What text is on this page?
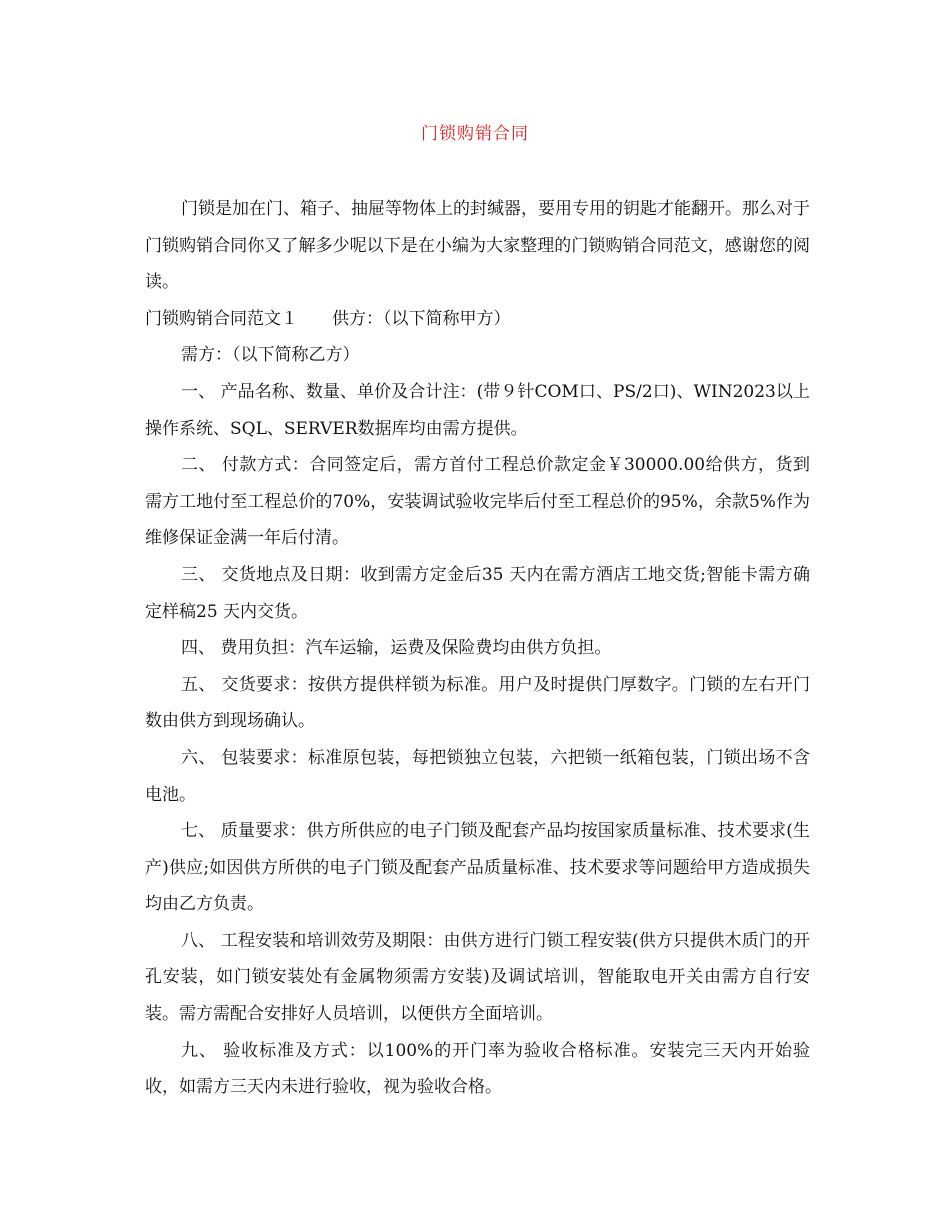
门锁购销合同

门锁是加在门、箱子、抽屉等物体上的封缄器，要用专用的钥匙才能翻开。那么对于门锁购销合同你又了解多少呢以下是在小编为大家整理的门锁购销合同范文，感谢您的阅读。

门锁购销合同范文１ 供方：（以下简称甲方）

需方：（以下简称乙方）

一、 产品名称、数量、单价及合计注：(带９针COM口、PS/2口)、WIN2023以上操作系统、SQL、SERVER数据库均由需方提供。

二、 付款方式：合同签定后，需方首付工程总价款定金￥30000.00给供方，货到需方工地付至工程总价的70%，安装调试验收完毕后付至工程总价的95%，余款5%作为维修保证金满一年后付清。

三、 交货地点及日期：收到需方定金后35 天内在需方酒店工地交货;智能卡需方确定样稿25 天内交货。

四、 费用负担：汽车运输，运费及保险费均由供方负担。

五、 交货要求：按供方提供样锁为标准。用户及时提供门厚数字。门锁的左右开门数由供方到现场确认。

六、 包装要求：标准原包装，每把锁独立包装，六把锁一纸箱包装，门锁出场不含电池。

七、 质量要求：供方所供应的电子门锁及配套产品均按国家质量标准、技术要求(生产)供应;如因供方所供的电子门锁及配套产品质量标准、技术要求等问题给甲方造成损失均由乙方负责。

八、 工程安装和培训效劳及期限：由供方进行门锁工程安装(供方只提供木质门的开孔安装，如门锁安装处有金属物须需方安装)及调试培训，智能取电开关由需方自行安装。需方需配合安排好人员培训，以便供方全面培训。

九、 验收标准及方式：以100%的开门率为验收合格标准。安装完三天内开始验收，如需方三天内未进行验收，视为验收合格。
